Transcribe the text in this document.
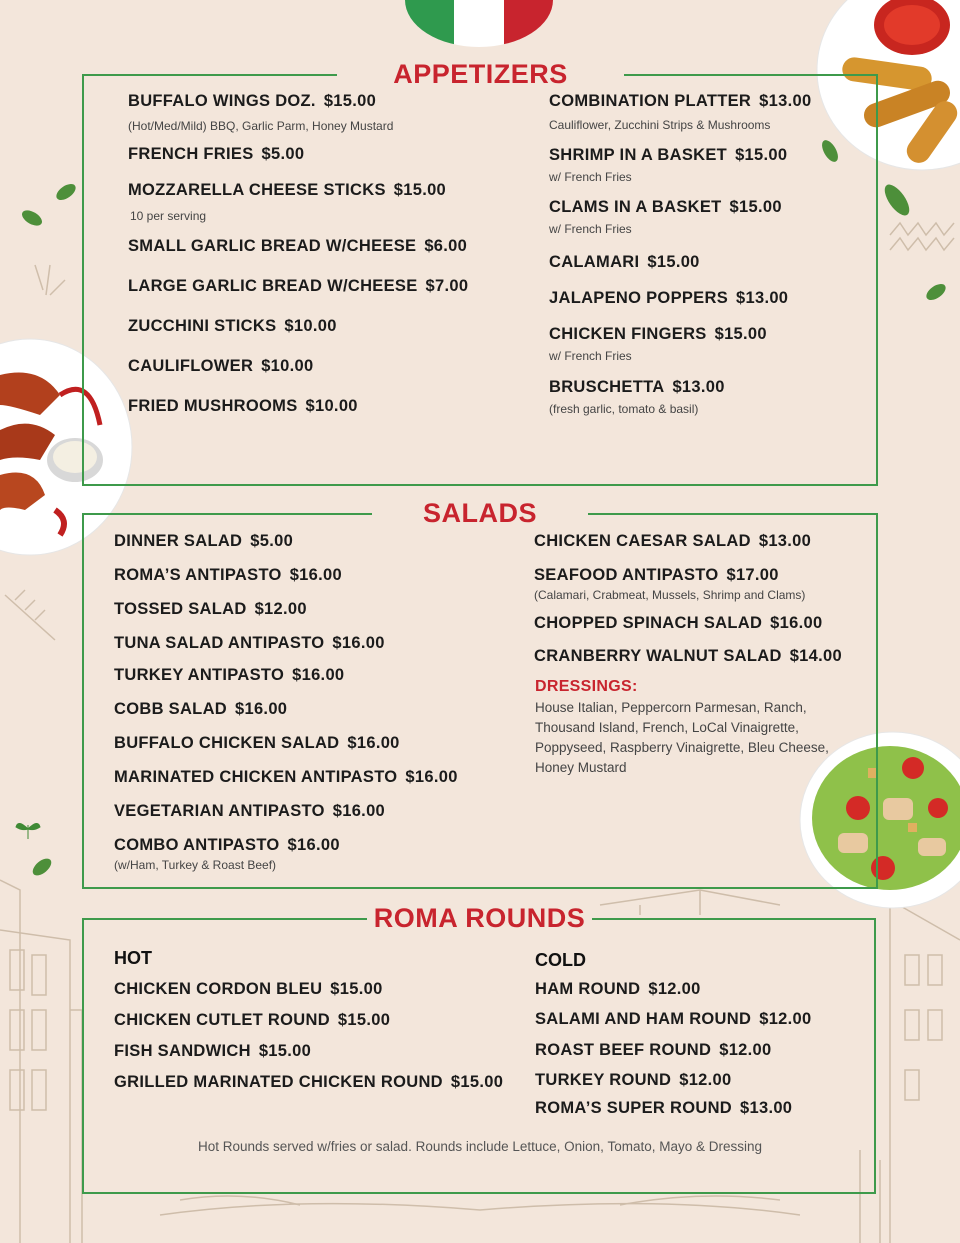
APPETIZERS
BUFFALO WINGS DOZ. $15.00
(Hot/Med/Mild) BBQ, Garlic Parm, Honey Mustard
FRENCH FRIES $5.00
MOZZARELLA CHEESE STICKS $15.00
10 per serving
SMALL GARLIC BREAD W/CHEESE $6.00
LARGE GARLIC BREAD W/CHEESE $7.00
ZUCCHINI STICKS $10.00
CAULIFLOWER $10.00
FRIED MUSHROOMS $10.00
COMBINATION PLATTER $13.00
Cauliflower, Zucchini Strips & Mushrooms
SHRIMP IN A BASKET $15.00
w/ French Fries
CLAMS IN A BASKET $15.00
w/ French Fries
CALAMARI $15.00
JALAPENO POPPERS $13.00
CHICKEN FINGERS $15.00
w/ French Fries
BRUSCHETTA $13.00
(fresh garlic, tomato & basil)
SALADS
DINNER SALAD $5.00
ROMA’S ANTIPASTO $16.00
TOSSED SALAD $12.00
TUNA SALAD ANTIPASTO $16.00
TURKEY ANTIPASTO $16.00
COBB SALAD $16.00
BUFFALO CHICKEN SALAD $16.00
MARINATED CHICKEN ANTIPASTO $16.00
VEGETARIAN ANTIPASTO $16.00
COMBO ANTIPASTO $16.00
(w/Ham, Turkey & Roast Beef)
CHICKEN CAESAR SALAD $13.00
SEAFOOD ANTIPASTO $17.00
(Calamari, Crabmeat, Mussels, Shrimp and Clams)
CHOPPED SPINACH SALAD $16.00
CRANBERRY WALNUT SALAD $14.00
DRESSINGS:
House Italian, Peppercorn Parmesan, Ranch, Thousand Island, French, LoCal Vinaigrette, Poppyseed, Raspberry Vinaigrette, Bleu Cheese, Honey Mustard
ROMA ROUNDS
HOT	COLD
CHICKEN CORDON BLEU $15.00
CHICKEN CUTLET ROUND $15.00
FISH SANDWICH $15.00
GRILLED MARINATED CHICKEN ROUND $15.00
HAM ROUND $12.00
SALAMI AND HAM ROUND $12.00
ROAST BEEF ROUND $12.00
TURKEY ROUND $12.00
ROMA’S SUPER ROUND $13.00
Hot Rounds served w/fries or salad. Rounds include Lettuce, Onion, Tomato, Mayo & Dressing
